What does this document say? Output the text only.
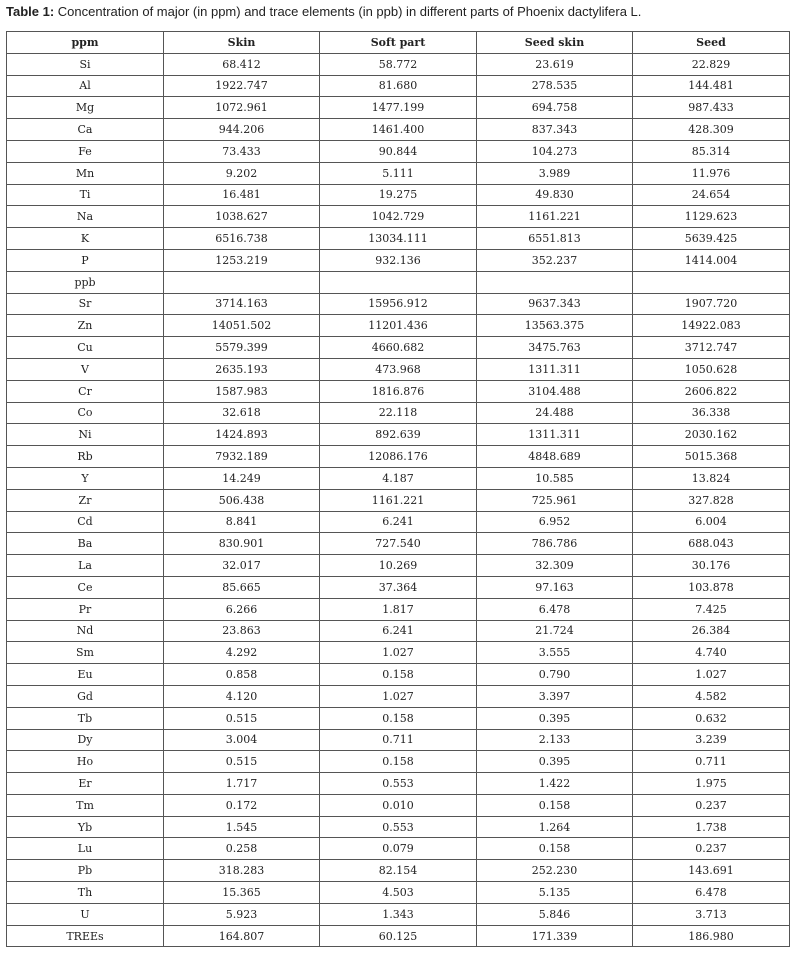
Table 1: Concentration of major (in ppm) and trace elements (in ppb) in different parts of Phoenix dactylifera L.
ppm	Skin	Soft part	Seed skin	Seed
Si	68.412	58.772	23.619	22.829
Al	1922.747	81.680	278.535	144.481
Mg	1072.961	1477.199	694.758	987.433
Ca	944.206	1461.400	837.343	428.309
Fe	73.433	90.844	104.273	85.314
Mn	9.202	5.111	3.989	11.976
Ti	16.481	19.275	49.830	24.654
Na	1038.627	1042.729	1161.221	1129.623
K	6516.738	13034.111	6551.813	5639.425
P	1253.219	932.136	352.237	1414.004
ppb				
Sr	3714.163	15956.912	9637.343	1907.720
Zn	14051.502	11201.436	13563.375	14922.083
Cu	5579.399	4660.682	3475.763	3712.747
V	2635.193	473.968	1311.311	1050.628
Cr	1587.983	1816.876	3104.488	2606.822
Co	32.618	22.118	24.488	36.338
Ni	1424.893	892.639	1311.311	2030.162
Rb	7932.189	12086.176	4848.689	5015.368
Y	14.249	4.187	10.585	13.824
Zr	506.438	1161.221	725.961	327.828
Cd	8.841	6.241	6.952	6.004
Ba	830.901	727.540	786.786	688.043
La	32.017	10.269	32.309	30.176
Ce	85.665	37.364	97.163	103.878
Pr	6.266	1.817	6.478	7.425
Nd	23.863	6.241	21.724	26.384
Sm	4.292	1.027	3.555	4.740
Eu	0.858	0.158	0.790	1.027
Gd	4.120	1.027	3.397	4.582
Tb	0.515	0.158	0.395	0.632
Dy	3.004	0.711	2.133	3.239
Ho	0.515	0.158	0.395	0.711
Er	1.717	0.553	1.422	1.975
Tm	0.172	0.010	0.158	0.237
Yb	1.545	0.553	1.264	1.738
Lu	0.258	0.079	0.158	0.237
Pb	318.283	82.154	252.230	143.691
Th	15.365	4.503	5.135	6.478
U	5.923	1.343	5.846	3.713
TREEs	164.807	60.125	171.339	186.980
